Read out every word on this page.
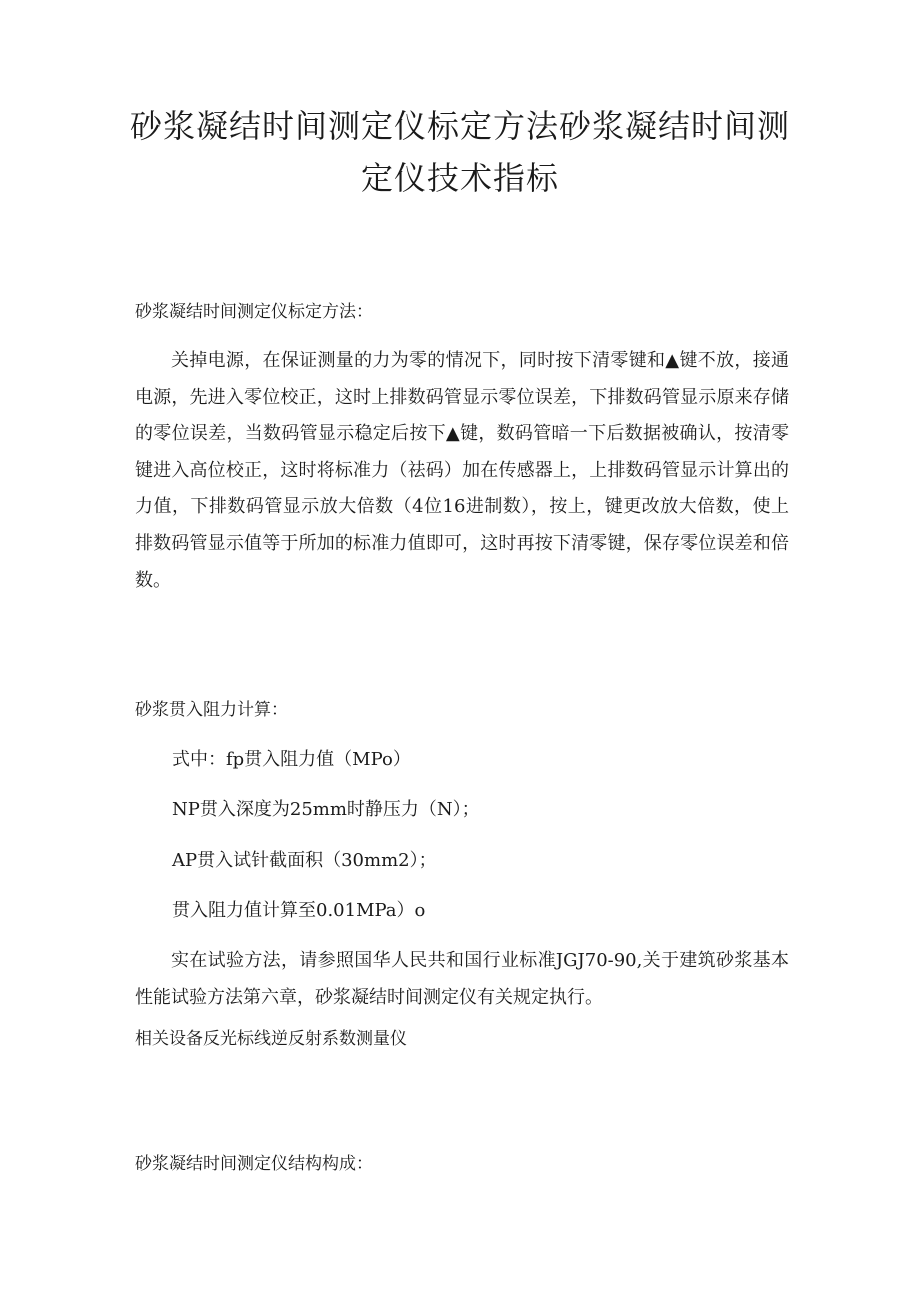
砂浆凝结时间测定仪标定方法砂浆凝结时间测定仪技术指标
砂浆凝结时间测定仪标定方法：

关掉电源，在保证测量的力为零的情况下，同时按下清零键和▲键不放，接通电源，先进入零位校正，这时上排数码管显示零位误差，下排数码管显示原来存储的零位误差，当数码管显示稳定后按下▲键，数码管暗一下后数据被确认，按清零键进入高位校正，这时将标准力（祛码）加在传感器上，上排数码管显示计算出的力值，下排数码管显示放大倍数（4位16进制数），按上，键更改放大倍数，使上排数码管显示值等于所加的标准力值即可，这时再按下清零键，保存零位误差和倍数。

砂浆贯入阻力计算：

式中：fp贯入阻力值（MPo）

NP贯入深度为25mm时静压力（N）；

AP贯入试针截面积（30mm2）；

贯入阻力值计算至0.01MPa）o

实在试验方法，请参照国华人民共和国行业标准JGJ70-90,关于建筑砂浆基本性能试验方法第六章，砂浆凝结时间测定仪有关规定执行。

相关设备反光标线逆反射系数测量仪

砂浆凝结时间测定仪结构构成：
